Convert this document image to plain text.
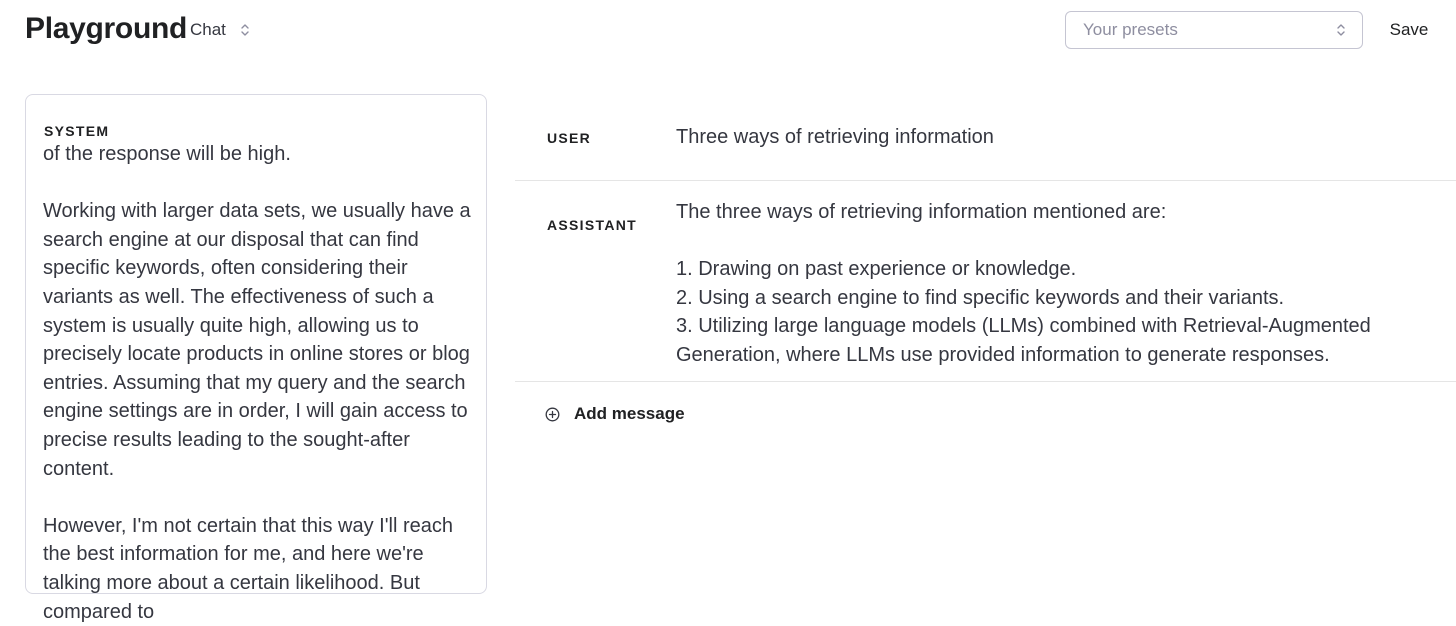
Playground Chat	Your presets	Save
SYSTEM
of the response will be high.

Working with larger data sets, we usually have a search engine at our disposal that can find specific keywords, often considering their variants as well. The effectiveness of such a system is usually quite high, allowing us to precisely locate products in online stores or blog entries. Assuming that my query and the search engine settings are in order, I will gain access to precise results leading to the sought-after content.

However, I'm not certain that this way I'll reach the best information for me, and here we're talking more about a certain likelihood. But compared to
USER	Three ways of retrieving information
ASSISTANT
The three ways of retrieving information mentioned are:

1. Drawing on past experience or knowledge.
2. Using a search engine to find specific keywords and their variants.
3. Utilizing large language models (LLMs) combined with Retrieval-Augmented Generation, where LLMs use provided information to generate responses.
Add message
